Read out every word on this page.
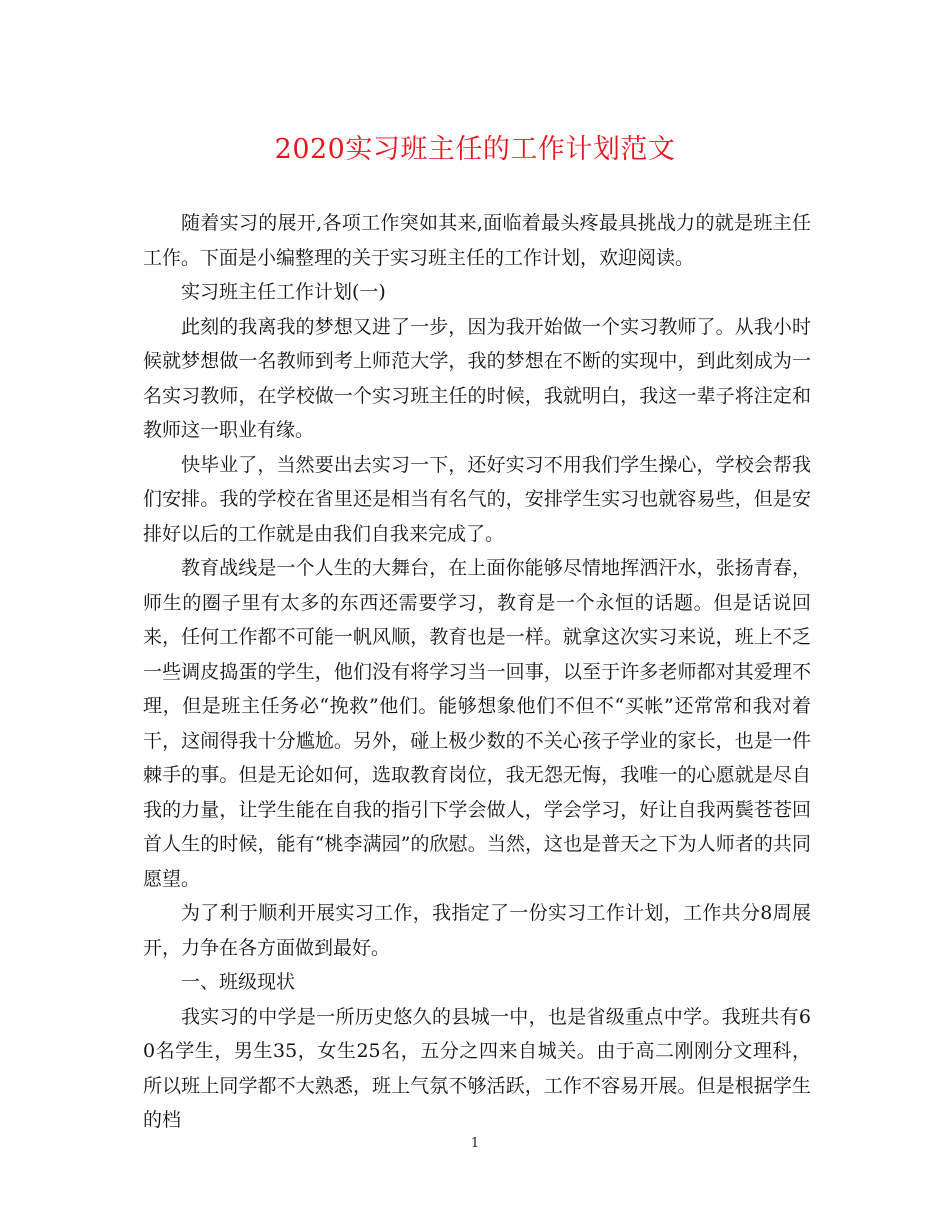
2020实习班主任的工作计划范文

随着实习的展开,各项工作突如其来,面临着最头疼最具挑战力的就是班主任工作。下面是小编整理的关于实习班主任的工作计划，欢迎阅读。

实习班主任工作计划(一)

此刻的我离我的梦想又进了一步，因为我开始做一个实习教师了。从我小时候就梦想做一名教师到考上师范大学，我的梦想在不断的实现中，到此刻成为一名实习教师，在学校做一个实习班主任的时候，我就明白，我这一辈子将注定和教师这一职业有缘。

快毕业了，当然要出去实习一下，还好实习不用我们学生操心，学校会帮我们安排。我的学校在省里还是相当有名气的，安排学生实习也就容易些，但是安排好以后的工作就是由我们自我来完成了。

教育战线是一个人生的大舞台，在上面你能够尽情地挥洒汗水，张扬青春，师生的圈子里有太多的东西还需要学习，教育是一个永恒的话题。但是话说回来，任何工作都不可能一帆风顺，教育也是一样。就拿这次实习来说，班上不乏一些调皮捣蛋的学生，他们没有将学习当一回事，以至于许多老师都对其爱理不理，但是班主任务必“挽救”他们。能够想象他们不但不“买帐”还常常和我对着干，这闹得我十分尴尬。另外，碰上极少数的不关心孩子学业的家长，也是一件棘手的事。但是无论如何，选取教育岗位，我无怨无悔，我唯一的心愿就是尽自我的力量，让学生能在自我的指引下学会做人，学会学习，好让自我两鬓苍苍回首人生的时候，能有“桃李满园”的欣慰。当然，这也是普天之下为人师者的共同愿望。

为了利于顺利开展实习工作，我指定了一份实习工作计划，工作共分8周展开，力争在各方面做到最好。

一、班级现状

我实习的中学是一所历史悠久的县城一中，也是省级重点中学。我班共有60名学生，男生35，女生25名，五分之四来自城关。由于高二刚刚分文理科，所以班上同学都不大熟悉，班上气氛不够活跃，工作不容易开展。但是根据学生的档

1
